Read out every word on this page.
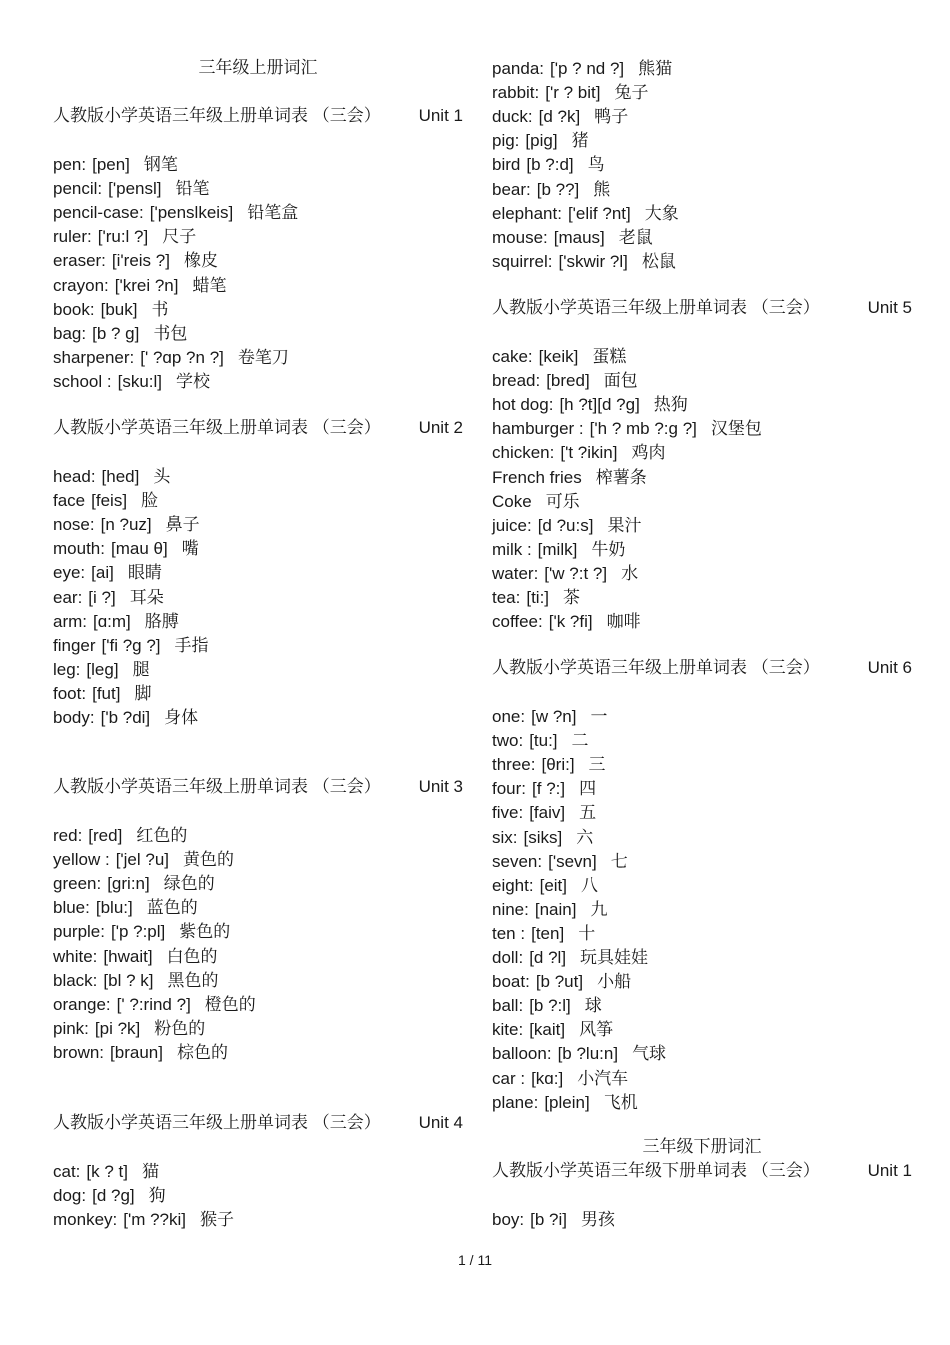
三年级上册词汇
人教版小学英语三年级上册单词表 （三会） Unit 1
pen: [pen] 钢笔
pencil: ['pensl] 铅笔
pencil-case: ['penslkeis] 铅笔盒
ruler: ['ru:l ?] 尺子
eraser: [i'reis ?] 橡皮
crayon: ['krei ?n] 蜡笔
book: [buk] 书
bag: [b ? g] 书包
sharpener: [' ?ɑp ?n ?] 卷笔刀
school : [sku:l] 学校
人教版小学英语三年级上册单词表 （三会） Unit 2
head: [hed] 头
face [feis] 脸
nose: [n ?uz] 鼻子
mouth: [mau θ] 嘴
eye: [ai] 眼睛
ear: [i ?] 耳朵
arm: [ɑ:m] 胳膊
finger ['fi ?g ?] 手指
leg: [leg] 腿
foot: [fut] 脚
body: ['b ?di] 身体
人教版小学英语三年级上册单词表 （三会） Unit 3
red: [red] 红色的
yellow : ['jel ?u] 黄色的
green: [gri:n] 绿色的
blue: [blu:] 蓝色的
purple: ['p ?:pl] 紫色的
white: [hwait] 白色的
black: [bl ? k] 黑色的
orange: [' ?:rind ?] 橙色的
pink: [pi ?k] 粉色的
brown: [braun] 棕色的
人教版小学英语三年级上册单词表 （三会） Unit 4
cat: [k ? t] 猫
dog: [d ?g] 狗
monkey: ['m ??ki] 猴子
panda: ['p ? nd ?] 熊猫
rabbit: ['r ? bit] 兔子
duck: [d ?k] 鸭子
pig: [pig] 猪
bird [b ?:d] 鸟
bear: [b ??] 熊
elephant: ['elif ?nt] 大象
mouse: [maus] 老鼠
squirrel: ['skwir ?l] 松鼠
人教版小学英语三年级上册单词表 （三会）	Unit 5
cake: [keik] 蛋糕
bread: [bred] 面包
hot dog: [h ?t][d ?g] 热狗
hamburger : ['h ? mb ?:g ?] 汉堡包
chicken: ['t ?ikin] 鸡肉
French fries 榨薯条
Coke 可乐
juice: [d ?u:s] 果汁
milk : [milk] 牛奶
water: ['w ?:t ?] 水
tea: [ti:] 茶
coffee: ['k ?fi] 咖啡
人教版小学英语三年级上册单词表 （三会）	Unit 6
one: [w ?n] 一
two: [tu:] 二
three: [θri:] 三
four: [f ?:] 四
five: [faiv] 五
six: [siks] 六
seven: ['sevn] 七
eight: [eit] 八
nine: [nain] 九
ten : [ten] 十
doll: [d ?l] 玩具娃娃
boat: [b ?ut] 小船
ball: [b ?:l] 球
kite: [kait] 风筝
balloon: [b ?lu:n] 气球
car : [kɑ:] 小汽车
plane: [plein] 飞机
三年级下册词汇
人教版小学英语三年级下册单词表 （三会）	Unit 1
boy: [b ?i] 男孩
1 / 11
